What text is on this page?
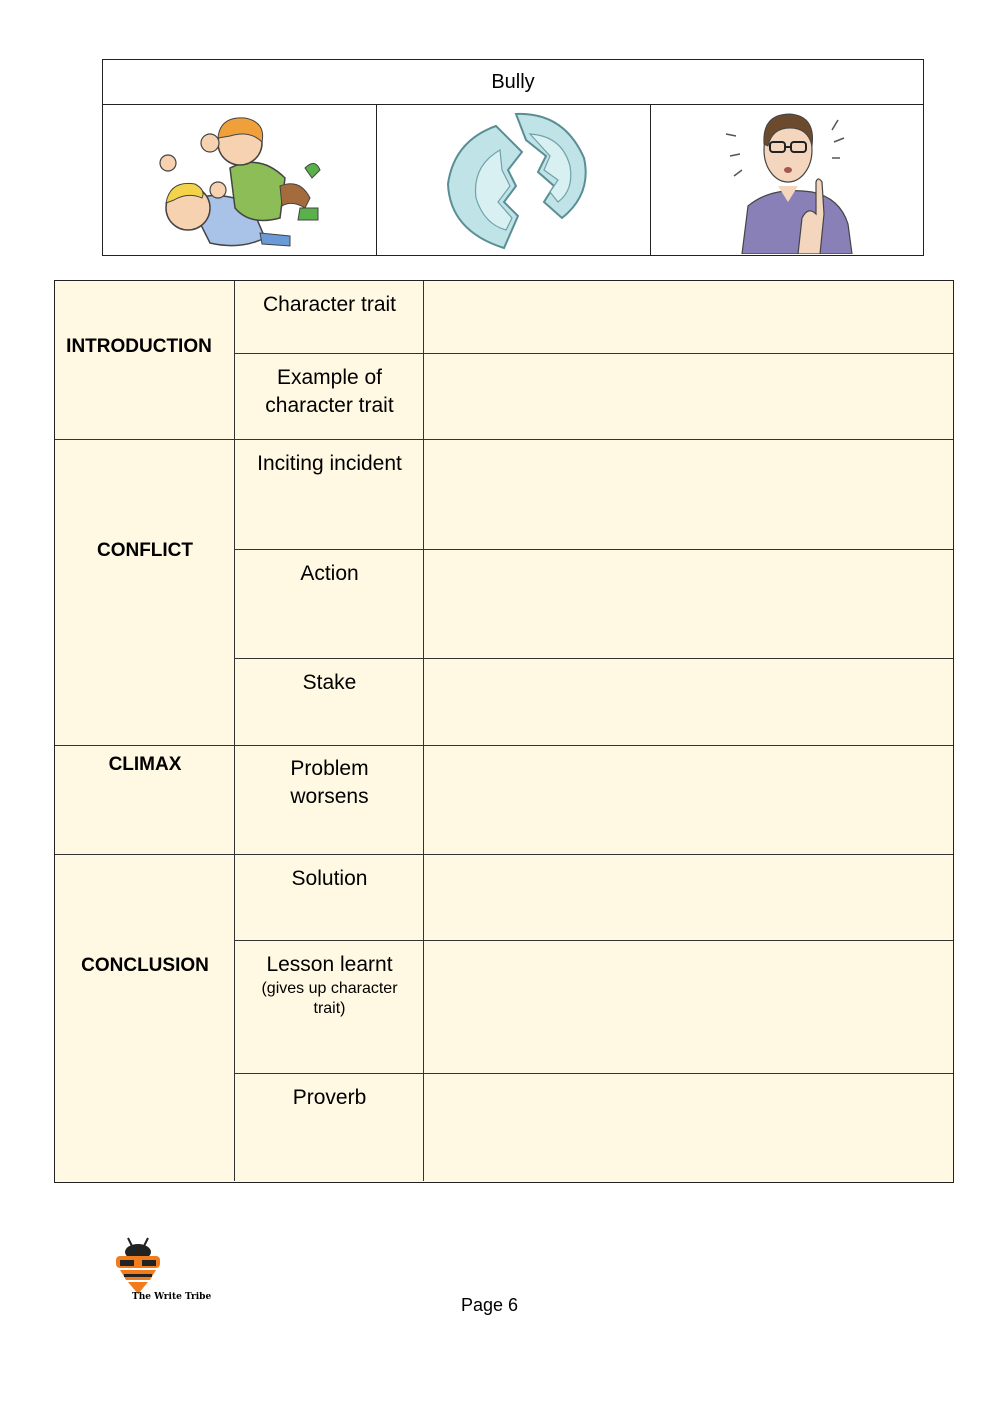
Bully
INTRODUCTION
CONFLICT
CLIMAX
CONCLUSION
Character trait
Example of character trait
Inciting incident
Action
Stake
Problem worsens
Solution
Lesson learnt
(gives up character trait)
Proverb
The Write Tribe	Page 6
